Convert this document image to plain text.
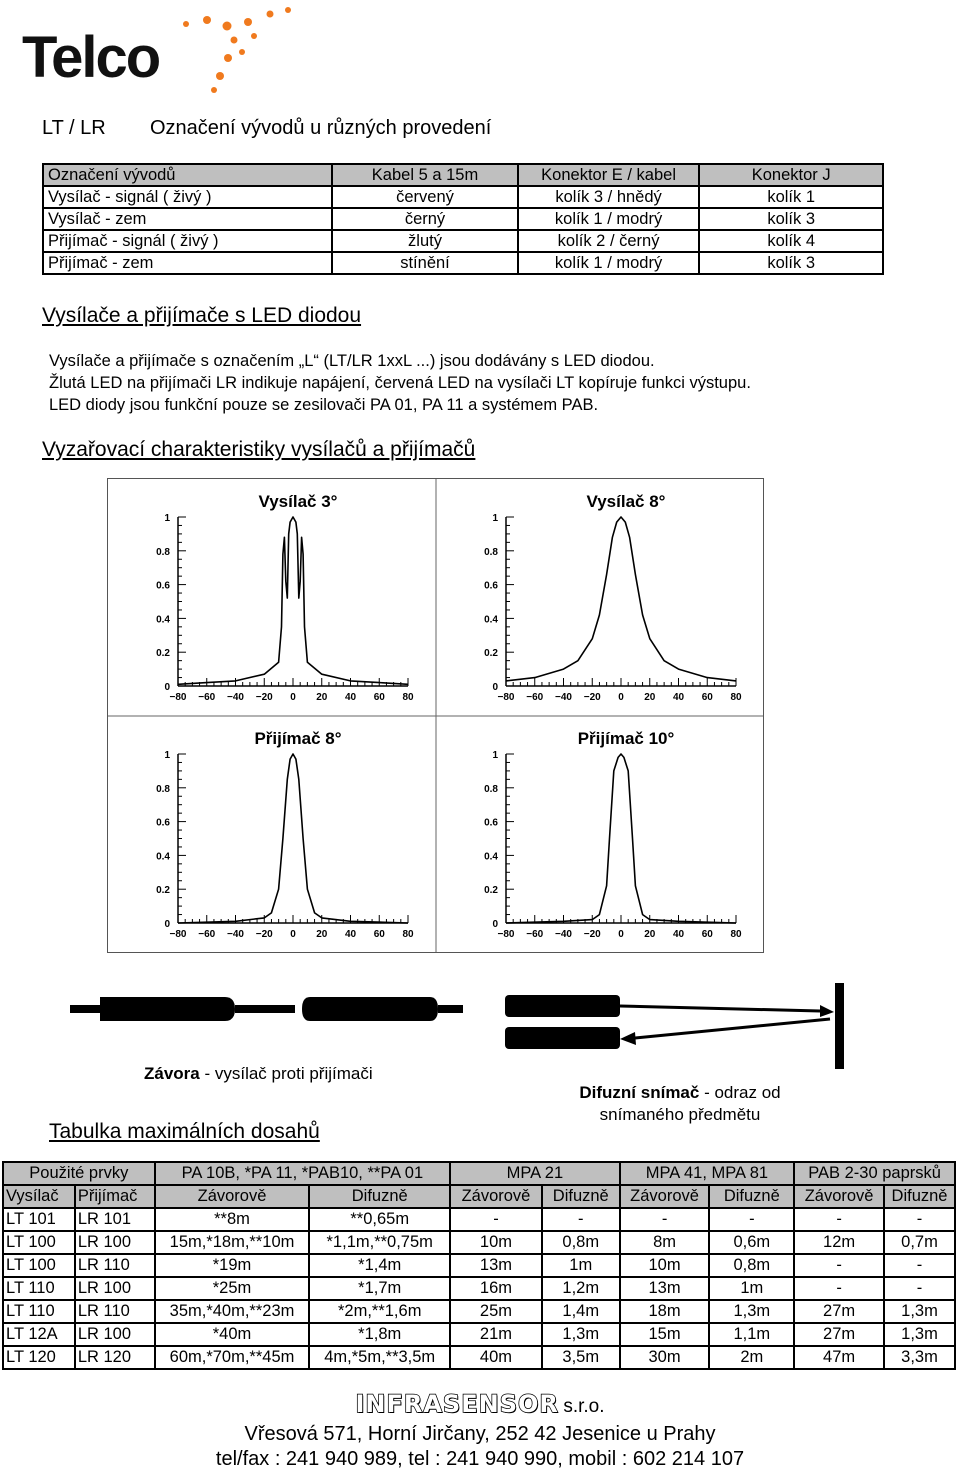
Telco
LT / LR Označení vývodů u různých provedení
Označení vývodů	Kabel 5 a 15m	Konektor E / kabel	Konektor J
Vysílač - signál ( živý )	červený	kolík 3 / hnědý	kolík 1
Vysílač - zem	černý	kolík 1 / modrý	kolík 3
Přijímač - signál ( živý )	žlutý	kolík 2 / černý	kolík 4
Přijímač - zem	stínění	kolík 1 / modrý	kolík 3
Vysílače a přijímače s LED diodou
Vysílače a přijímače s označením „L“ (LT/LR 1xxL ...) jsou dodávány s LED diodou.
Žlutá LED na přijímači LR indikuje napájení, červená LED na vysílači LT kopíruje funkci výstupu.
LED diody jsou funkční pouze se zesilovači PA 01, PA 11 a systémem PAB.
Vyzařovací charakteristiky vysílačů a přijímačů
Vysílač 3°
0
0.2
0.4
0.6
0.8
1
−80 −60 −40 −20 0 20 40 60 80
Vysílač 8°
0
0.2
0.4
0.6
0.8
1
−80 −60 −40 −20 0 20 40 60 80
Přijímač 8°
0
0.2
0.4
0.6
0.8
1
−80 −60 −40 −20 0 20 40 60 80
Přijímač 10°
0
0.2
0.4
0.6
0.8
1
−80 −60 −40 −20 0 20 40 60 80
Závora - vysílač proti přijímači
Difuzní snímač - odraz od snímaného předmětu
Tabulka maximálních dosahů
Použité prvky		PA 10B, *PA 11, *PAB10, **PA 01		MPA 21		MPA 41, MPA 81		PAB 2-30 paprsků	
Vysílač	Přijímač	Závorově	Difuzně	Závorově	Difuzně	Závorově	Difuzně	Závorově	Difuzně
LT 101	LR 101	**8m	**0,65m	-	-	-	-	-	-
LT 100	LR 100	15m,*18m,**10m	*1,1m,**0,75m	10m	0,8m	8m	0,6m	12m	0,7m
LT 100	LR 110	*19m	*1,4m	13m	1m	10m	0,8m	-	-
LT 110	LR 100	*25m	*1,7m	16m	1,2m	13m	1m	-	-
LT 110	LR 110	35m,*40m,**23m	*2m,**1,6m	25m	1,4m	18m	1,3m	27m	1,3m
LT 12A	LR 100	*40m	*1,8m	21m	1,3m	15m	1,1m	27m	1,3m
LT 120	LR 120	60m,*70m,**45m	4m,*5m,**3,5m	40m	3,5m	30m	2m	47m	3,3m
INFRASENSOR s.r.o.
Vřesová 571, Horní Jirčany, 252 42 Jesenice u Prahy
tel/fax : 241 940 989, tel : 241 940 990, mobil : 602 214 107
